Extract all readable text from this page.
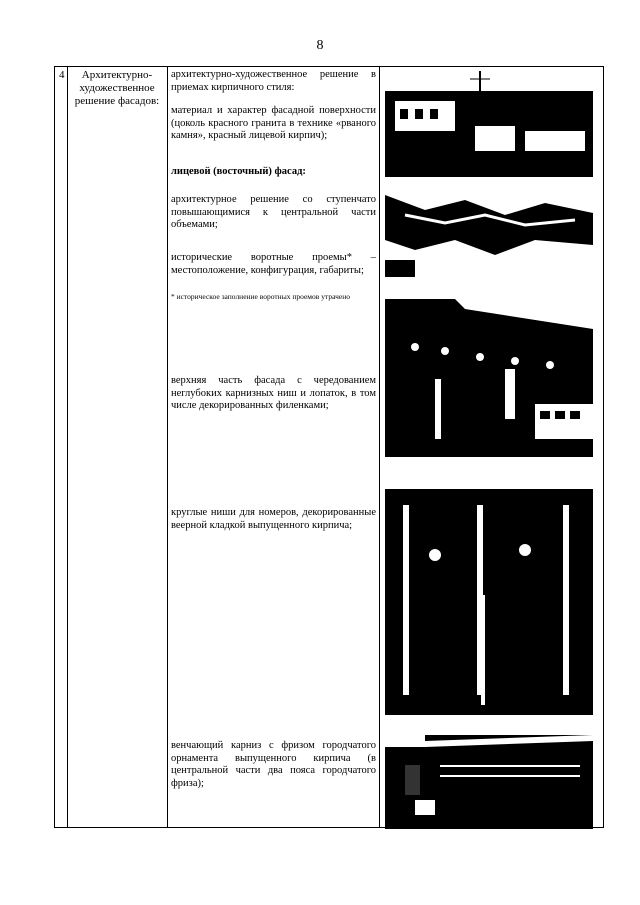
8
4	Архитектурно-художественное решение фасадов:
архитектурно-художественное решение в приемах кирпичного стиля:
материал и характер фасадной поверхности (цоколь красного гранита в технике «рваного камня», красный лицевой кирпич);
лицевой (восточный) фасад:
архитектурное решение со ступенчато повышающимися к центральной части объемами;
исторические воротные проемы* – местоположение, конфигурация, габариты;
* историческое заполнение воротных проемов утрачено
верхняя часть фасада с чередованием неглубоких карнизных ниш и лопаток, в том числе декорированных филенками;
круглые ниши для номеров, декорированные веерной кладкой выпущенного кирпича;
венчающий карниз с фризом городчатого орнамента выпущенного кирпича (в центральной части два пояса городчатого фриза);
